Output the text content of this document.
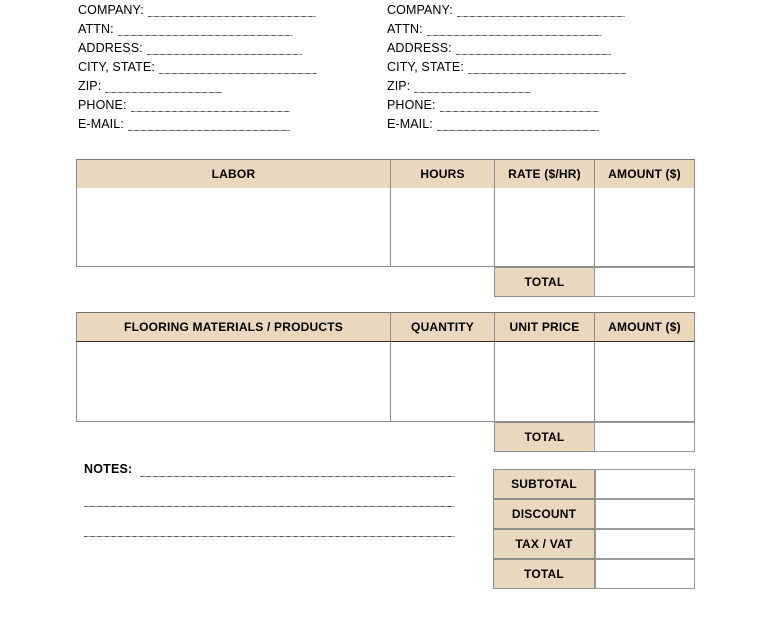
COMPANY:
ATTN:
ADDRESS:
CITY, STATE:
ZIP:
PHONE:
E-MAIL:
COMPANY:
ATTN:
ADDRESS:
CITY, STATE:
ZIP:
PHONE:
E-MAIL:
LABOR	HOURS	RATE ($/HR)	AMOUNT ($)
TOTAL
FLOORING MATERIALS / PRODUCTS	QUANTITY	UNIT PRICE	AMOUNT ($)
TOTAL
NOTES:
SUBTOTAL
DISCOUNT
TAX / VAT
TOTAL
